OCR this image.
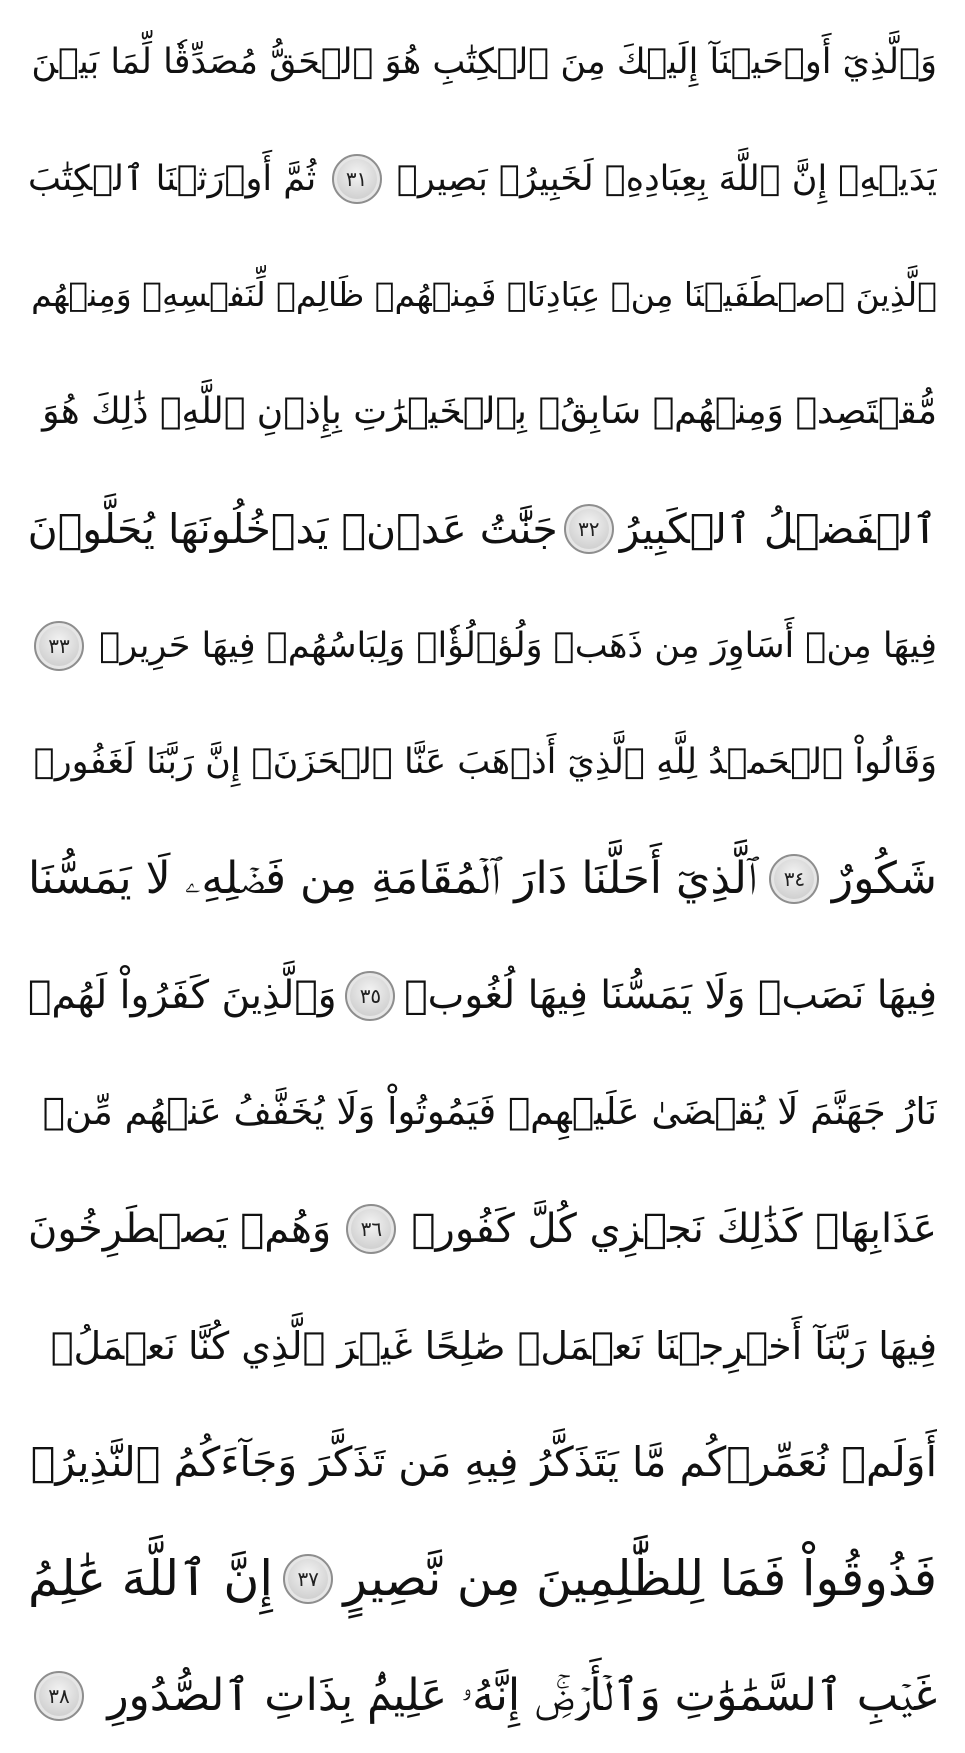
وَٱلَّذِيٓ أَوۡحَيۡنَآ إِلَيۡكَ مِنَ ٱلۡكِتَٰبِ هُوَ ٱلۡحَقُّ مُصَدِّقٗا لِّمَا بَيۡنَ
يَدَيۡهِۗ إِنَّ ٱللَّهَ بِعِبَادِهِۦ لَخَبِيرُۢ بَصِيرٞ
٣١
ثُمَّ أَوۡرَثۡنَا ٱلۡكِتَٰبَ
ٱلَّذِينَ ٱصۡطَفَيۡنَا مِنۡ عِبَادِنَاۖ فَمِنۡهُمۡ ظَالِمٞ لِّنَفۡسِهِۦ وَمِنۡهُم
مُّقۡتَصِدٞ وَمِنۡهُمۡ سَابِقُۢ بِٱلۡخَيۡرَٰتِ بِإِذۡنِ ٱللَّهِۚ ذَٰلِكَ هُوَ
ٱلۡفَضۡلُ ٱلۡكَبِيرُ
٣٢
جَنَّٰتُ عَدۡنٖ يَدۡخُلُونَهَا يُحَلَّوۡنَ
فِيهَا مِنۡ أَسَاوِرَ مِن ذَهَبٖ وَلُؤۡلُؤٗاۖ وَلِبَاسُهُمۡ فِيهَا حَرِيرٞ
٣٣
وَقَالُواْ ٱلۡحَمۡدُ لِلَّهِ ٱلَّذِيٓ أَذۡهَبَ عَنَّا ٱلۡحَزَنَۖ إِنَّ رَبَّنَا لَغَفُورٞ
شَكُورٌ
٣٤
ٱلَّذِيٓ أَحَلَّنَا دَارَ ٱلۡمُقَامَةِ مِن فَضۡلِهِۦ لَا يَمَسُّنَا
فِيهَا نَصَبٞ وَلَا يَمَسُّنَا فِيهَا لُغُوبٞ
٣٥
وَٱلَّذِينَ كَفَرُواْ لَهُمۡ
نَارُ جَهَنَّمَ لَا يُقۡضَىٰ عَلَيۡهِمۡ فَيَمُوتُواْ وَلَا يُخَفَّفُ عَنۡهُم مِّنۡ
عَذَابِهَاۚ كَذَٰلِكَ نَجۡزِي كُلَّ كَفُورٖ
٣٦
وَهُمۡ يَصۡطَرِخُونَ
فِيهَا رَبَّنَآ أَخۡرِجۡنَا نَعۡمَلۡ صَٰلِحًا غَيۡرَ ٱلَّذِي كُنَّا نَعۡمَلُۚ
أَوَلَمۡ نُعَمِّرۡكُم مَّا يَتَذَكَّرُ فِيهِ مَن تَذَكَّرَ وَجَآءَكُمُ ٱلنَّذِيرُۖ
فَذُوقُواْ فَمَا لِلظَّٰلِمِينَ مِن نَّصِيرٍ
٣٧
إِنَّ ٱللَّهَ عَٰلِمُ
غَيۡبِ ٱلسَّمَٰوَٰتِ وَٱلۡأَرۡضِۚ إِنَّهُۥ عَلِيمُۢ بِذَاتِ ٱلصُّدُورِ
٣٨
